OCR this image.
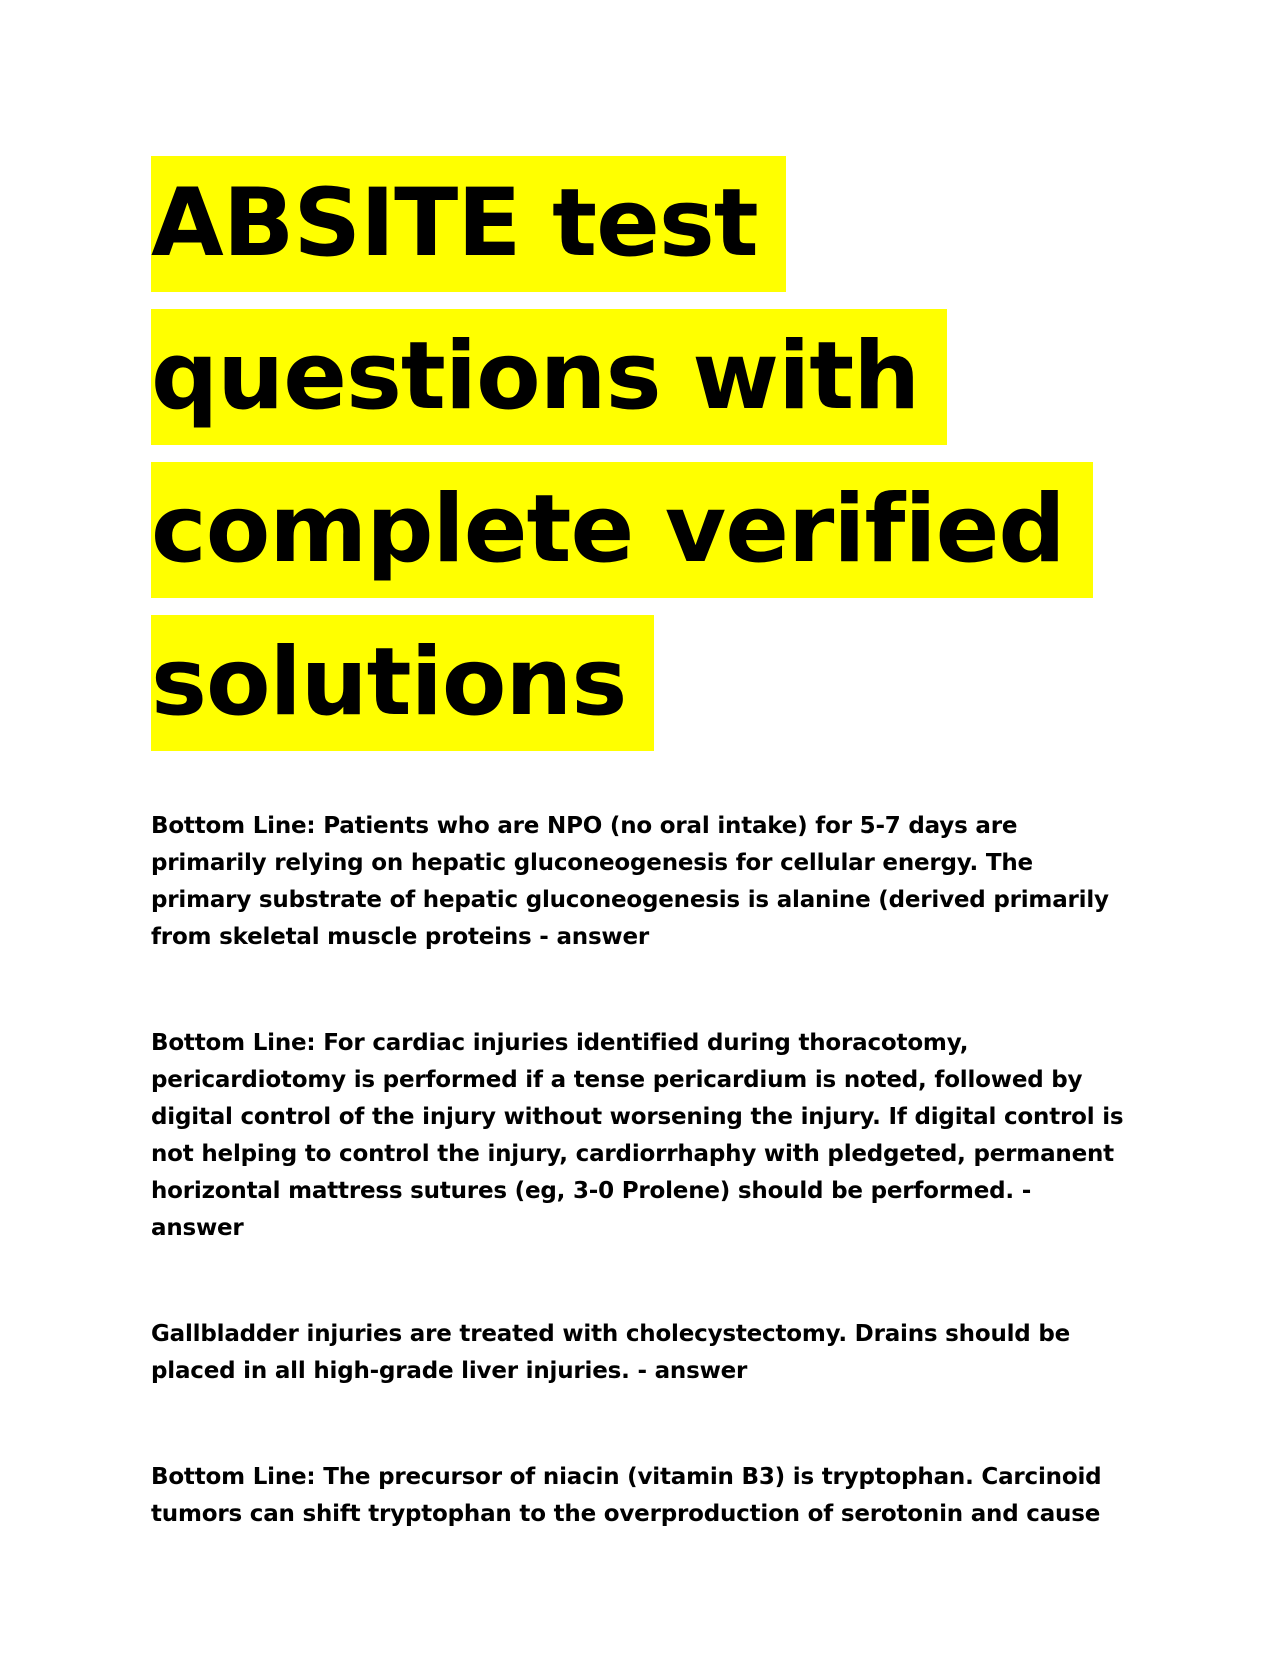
ABSITE test
questions with
complete verified
solutions

Bottom Line: Patients who are NPO (no oral intake) for 5-7 days are primarily relying on hepatic gluconeogenesis for cellular energy. The primary substrate of hepatic gluconeogenesis is alanine (derived primarily from skeletal muscle proteins - answer

Bottom Line: For cardiac injuries identified during thoracotomy, pericardiotomy is performed if a tense pericardium is noted, followed by digital control of the injury without worsening the injury. If digital control is not helping to control the injury, cardiorrhaphy with pledgeted, permanent horizontal mattress sutures (eg, 3-0 Prolene) should be performed. - answer

Gallbladder injuries are treated with cholecystectomy. Drains should be placed in all high-grade liver injuries. - answer

Bottom Line: The precursor of niacin (vitamin B3) is tryptophan. Carcinoid tumors can shift tryptophan to the overproduction of serotonin and cause
